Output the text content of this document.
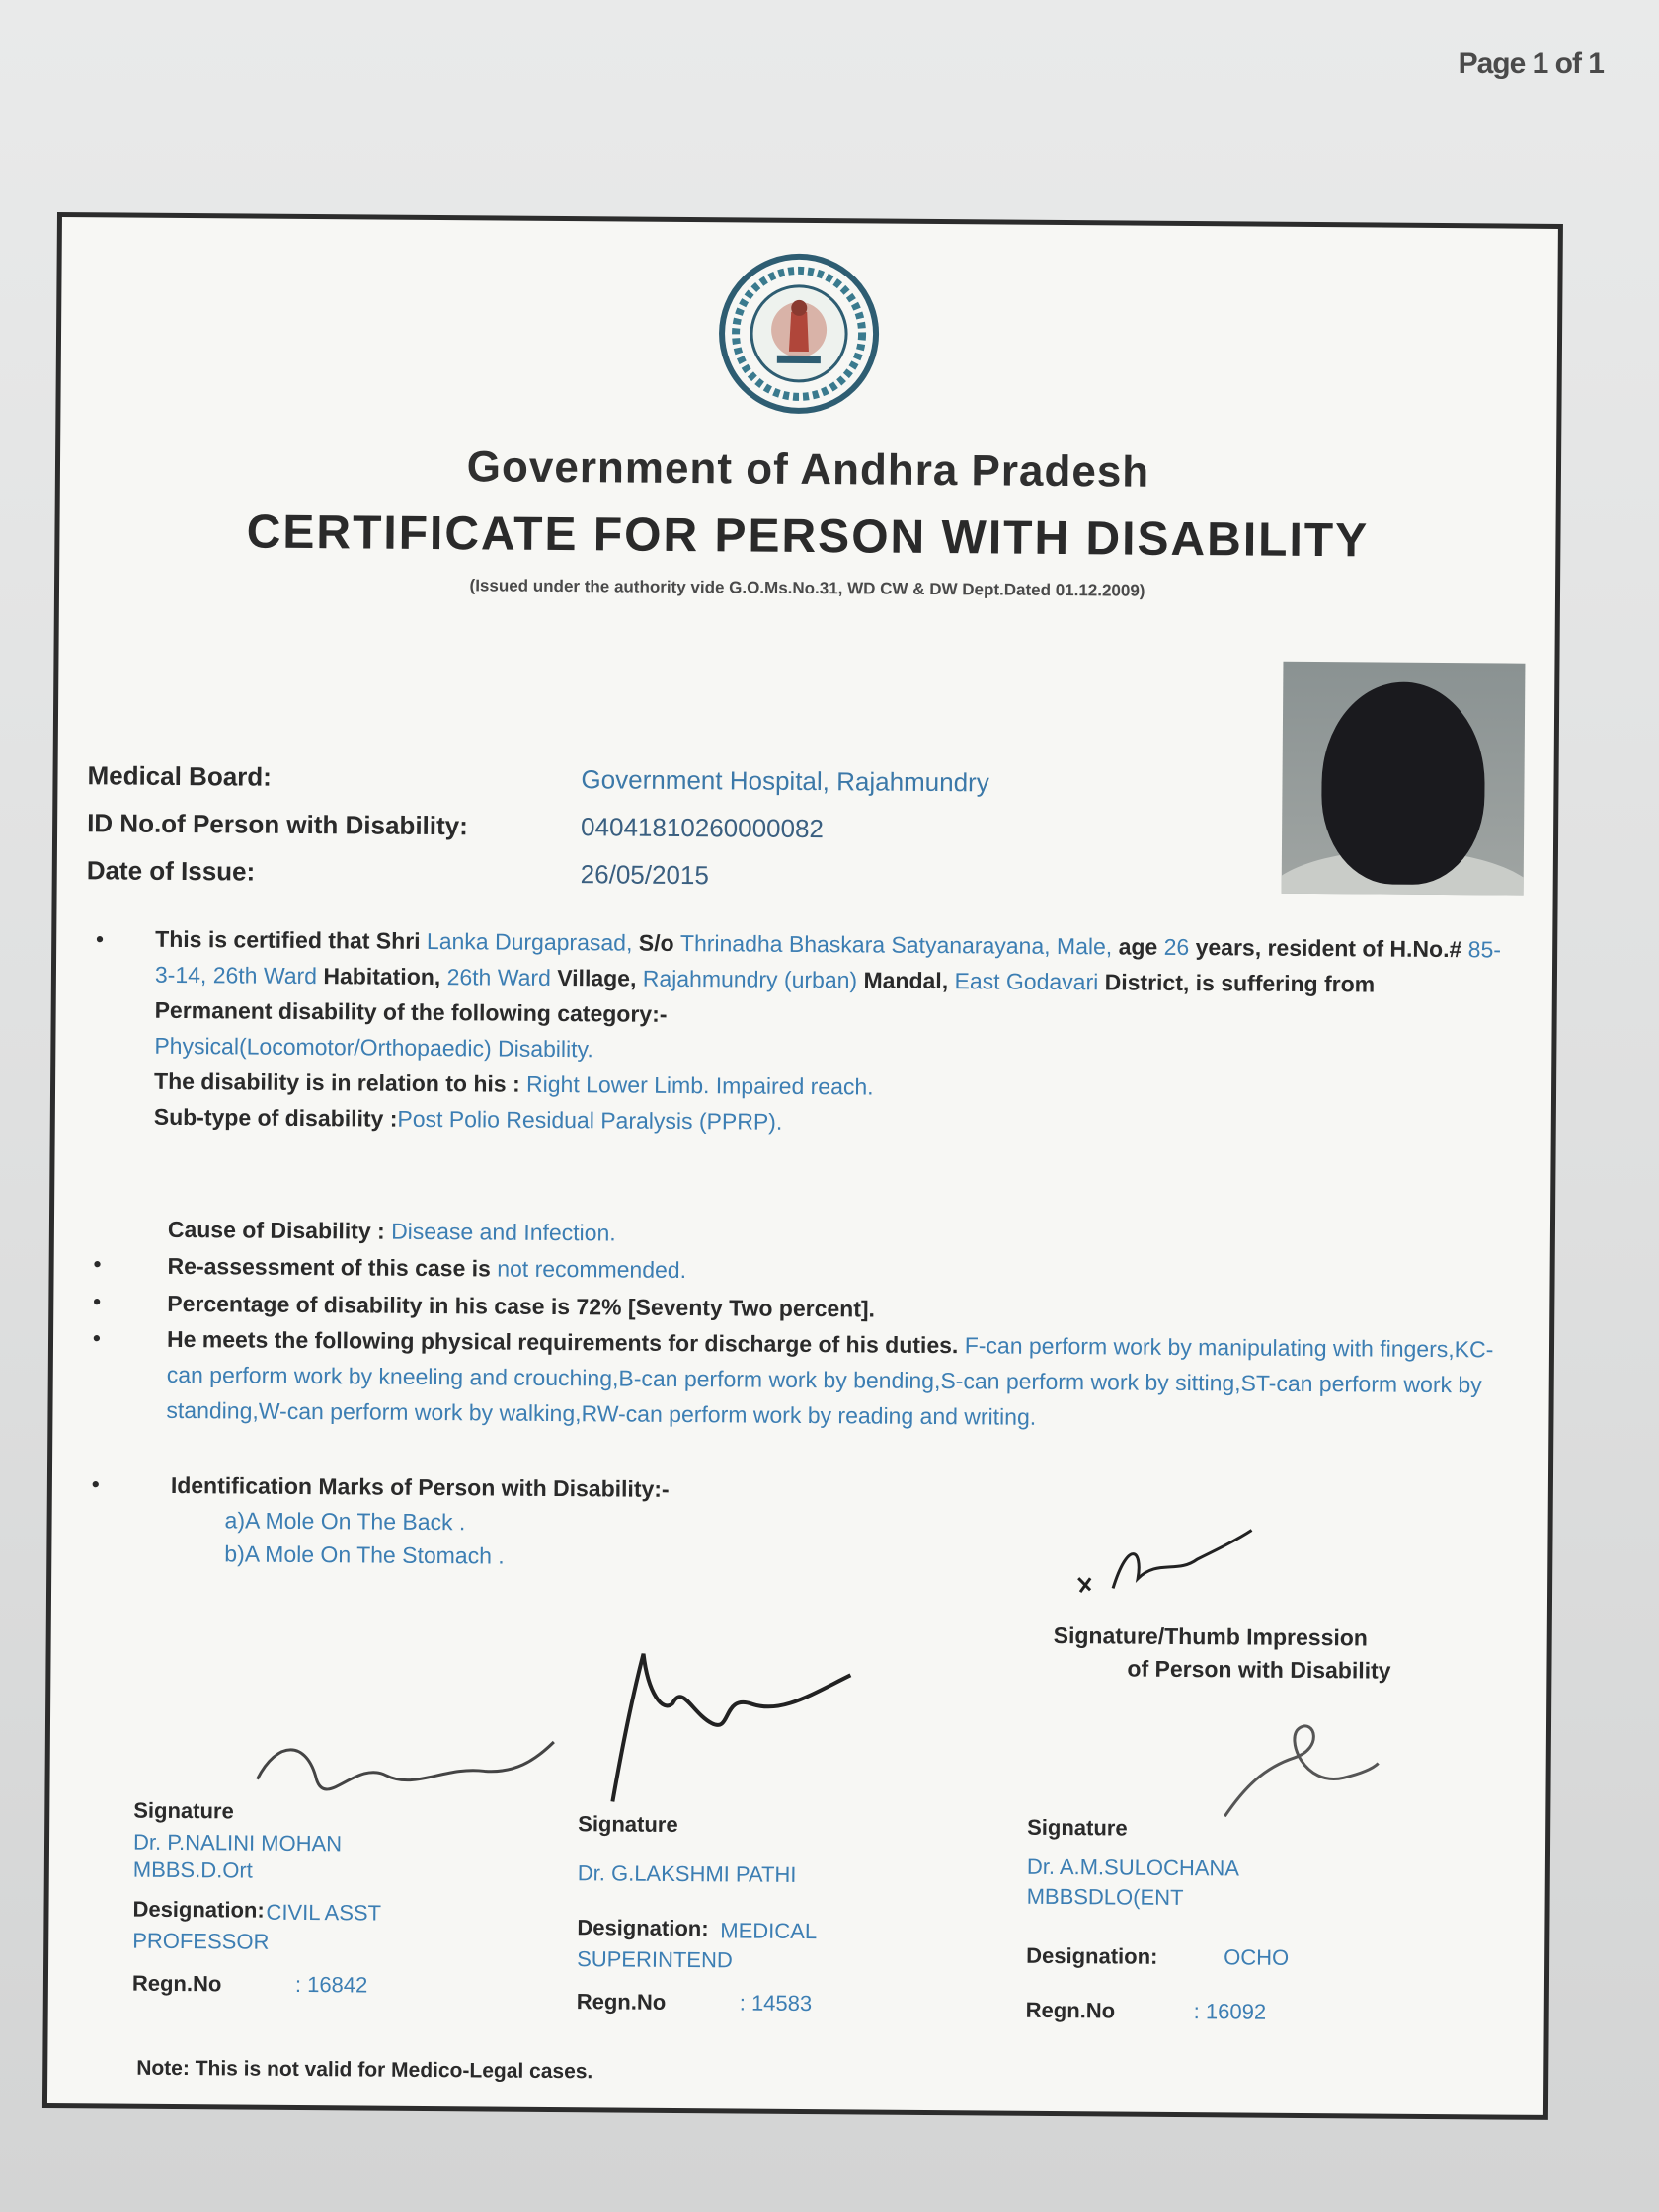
Page 1 of 1
Government of Andhra Pradesh
CERTIFICATE FOR PERSON WITH DISABILITY
(Issued under the authority vide G.O.Ms.No.31, WD CW & DW Dept.Dated 01.12.2009)
Medical Board:	Government Hospital, Rajahmundry
ID No.of Person with Disability:	04041810260000082
Date of Issue:	26/05/2015
• This is certified that Shri Lanka Durgaprasad, S/o Thrinadha Bhaskara Satyanarayana, Male, age 26 years, resident of H.No.# 85-3-14, 26th Ward Habitation, 26th Ward Village, Rajahmundry (urban) Mandal, East Godavari District, is suffering from
Permanent disability of the following category:-
Physical(Locomotor/Orthopaedic) Disability.
The disability is in relation to his : Right Lower Limb. Impaired reach.
Sub-type of disability :Post Polio Residual Paralysis (PPRP).
Cause of Disability : Disease and Infection.
•	Re-assessment of this case is not recommended.
•	Percentage of disability in his case is 72% [Seventy Two percent].
•	He meets the following physical requirements for discharge of his duties. F-can perform work by manipulating with fingers,KC-can perform work by kneeling and crouching,B-can perform work by bending,S-can perform work by sitting,ST-can perform work by standing,W-can perform work by walking,RW-can perform work by reading and writing.
•	Identification Marks of Person with Disability:-
a)A Mole On The Back .
b)A Mole On The Stomach .
Signature/Thumb Impression
of Person with Disability
Signature
Dr. P.NALINI MOHAN
MBBS.D.Ort
Designation: CIVIL ASST PROFESSOR
Regn.No	: 16842
Signature
Dr. G.LAKSHMI PATHI
Designation: MEDICAL SUPERINTEND
Regn.No	: 14583
Signature
Dr. A.M.SULOCHANA
MBBSDLO(ENT
Designation:	OCHO
Regn.No	: 16092
Note: This is not valid for Medico-Legal cases.
